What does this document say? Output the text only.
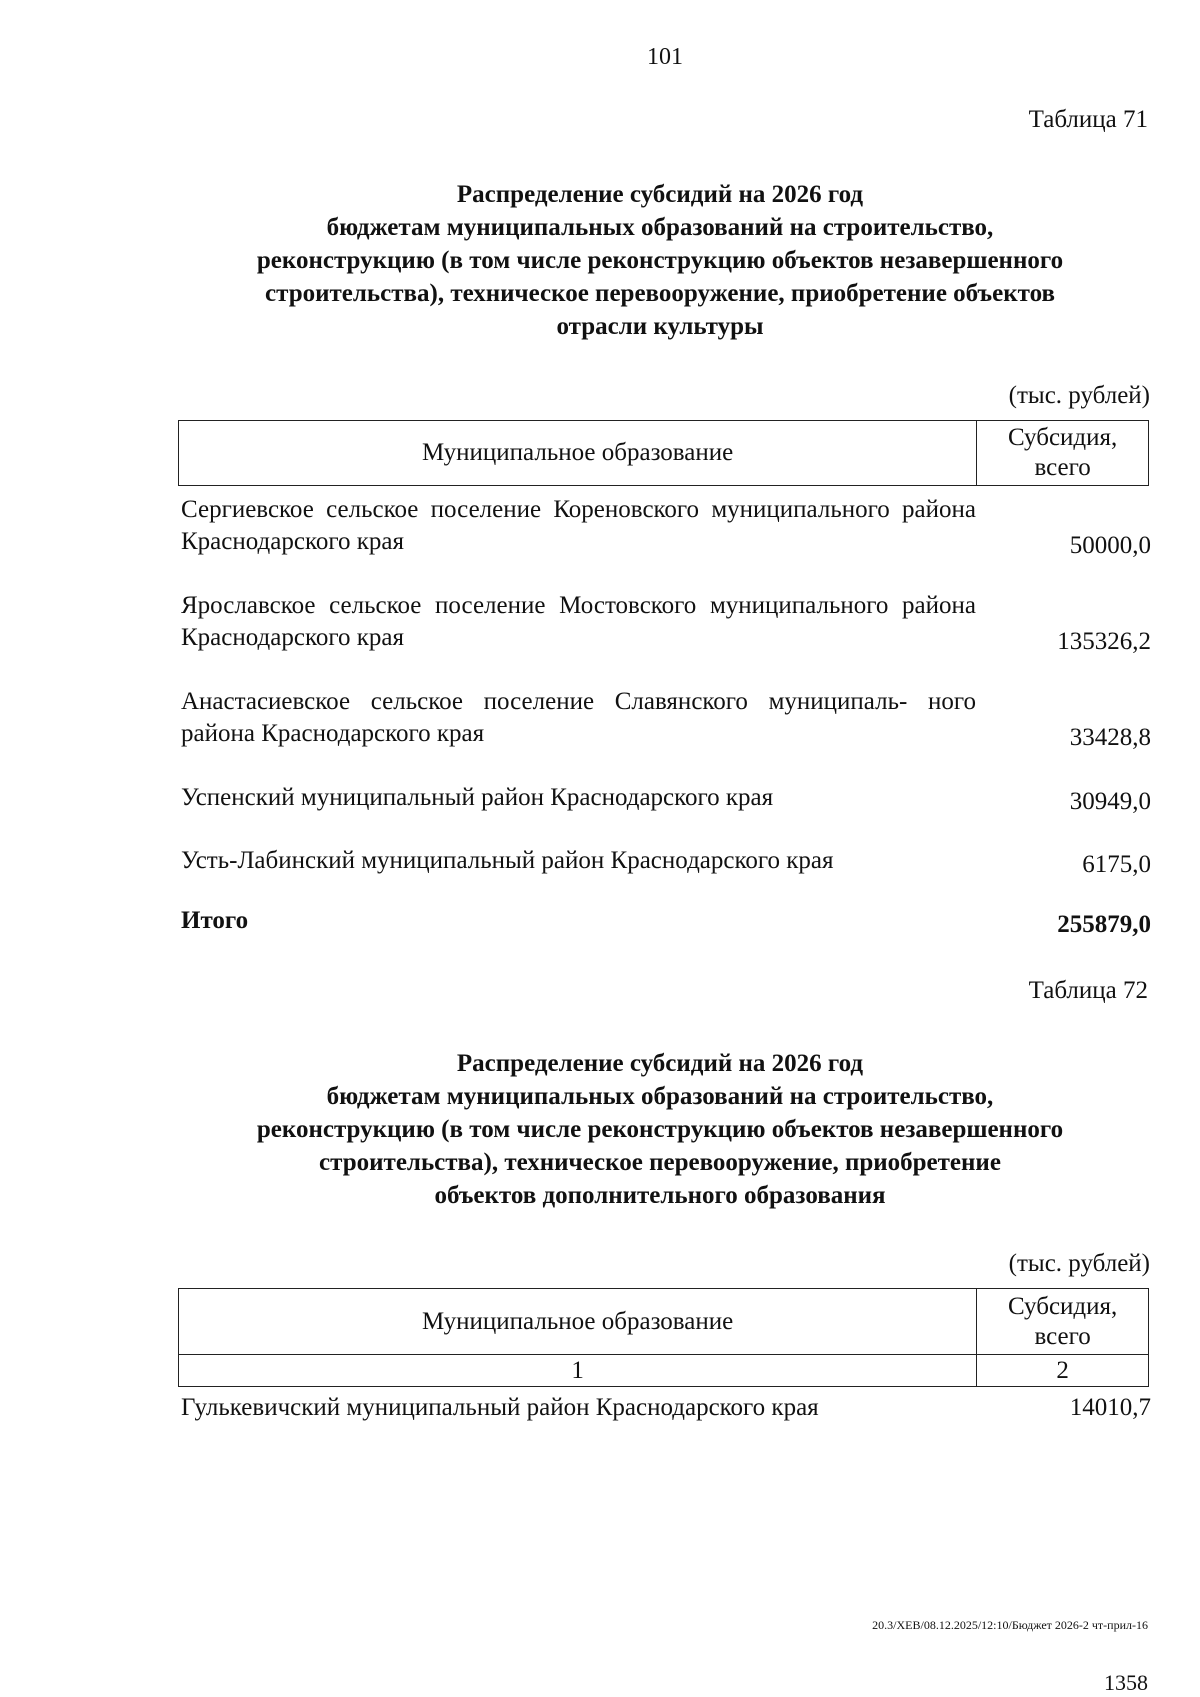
101
Таблица 71
Распределение субсидий на 2026 год
бюджетам муниципальных образований на строительство,
реконструкцию (в том числе реконструкцию объектов незавершенного
строительства), техническое перевооружение, приобретение объектов
отрасли культуры
(тыс. рублей)
Муниципальное образование	Субсидия, всего
Сергиевское сельское поселение Кореновского муниципального района Краснодарского края	50000,0
Ярославское сельское поселение Мостовского муниципального района Краснодарского края	135326,2
Анастасиевское сельское поселение Славянского муниципаль- ного района Краснодарского края	33428,8
Успенский муниципальный район Краснодарского края	30949,0
Усть-Лабинский муниципальный район Краснодарского края	6175,0
Итого	255879,0
Таблица 72
Распределение субсидий на 2026 год
бюджетам муниципальных образований на строительство,
реконструкцию (в том числе реконструкцию объектов незавершенного
строительства), техническое перевооружение, приобретение
объектов дополнительного образования
(тыс. рублей)
Муниципальное образование	Субсидия, всего
1	2
Гулькевичский муниципальный район Краснодарского края	14010,7
20.3/ХЕВ/08.12.2025/12:10/Бюджет 2026-2 чт-прил-16
1358
